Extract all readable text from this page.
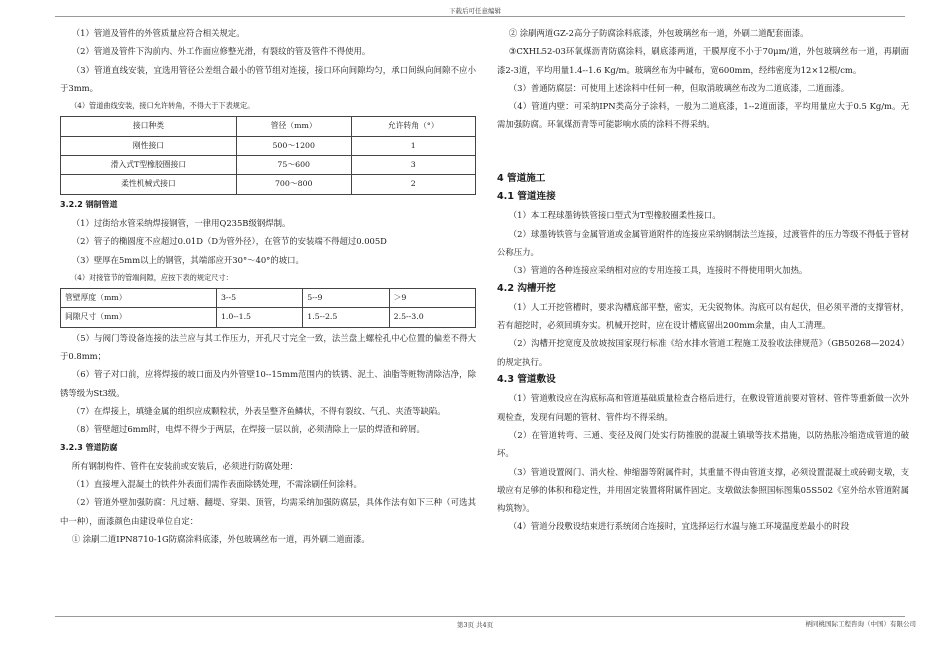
下载后可任意编辑

（1）管道及管件的外管质量应符合相关规定。

（2）管道及管件下沟前内、外工作面应修整光滑，有裂纹的管及管件不得使用。

（3）管道直线安装，宜选用管径公差组合最小的管节组对连接，接口环向间隙均匀，承口间纵向间隙不应小于3mm。

（4）管道曲线安装，接口允许转角，不得大于下表规定。

接口种类	管径（mm）	允许转角（°）
刚性接口	500～1200	1
滑入式T型橡胶圈接口	75～600	3
柔性机械式接口	700～800	2

3.2.2 钢制管道

（1）过街给水管采纳焊接钢管，一律用Q235B级钢焊制。

（2）管子的椭圆度不应超过0.01D（D为管外径），在管节的安装端不得超过0.005D

（3）壁厚在5mm以上的钢管，其端部应开30°～40°的坡口。

（4）对接管节的管端间隙，应按下表的规定尺寸：

管壁厚度（mm）	3--5	5--9	＞9
间隙尺寸（mm）	1.0--1.5	1.5--2.5	2.5--3.0

（5）与阀门等设备连接的法兰应与其工作压力，开孔尺寸完全一致，法兰盘上螺栓孔中心位置的偏差不得大于0.8mm；

（6）管子对口前，应将焊接的坡口面及内外管壁10--15mm范围内的铁锈、泥土、油脂等赃物清除洁净，除锈等级为St3级。

（7）在焊接上，填缝金属的组织应成颗粒状，外表呈整齐鱼鳞状，不得有裂纹、气孔、夹渣等缺陷。

（8）管壁超过6mm时，电焊不得少于两层，在焊接一层以前，必须清除上一层的焊渣和碎屑。

3.2.3 管道防腐

所有钢制构件、管件在安装前或安装后，必须进行防腐处理：

（1）直接埋入混凝土的铁件外表面们需作表面除锈处理，不需涂刷任何涂料。

（2）管道外壁加强防腐：凡过塘、翻堤、穿渠、顶管，均需采纳加强防腐层，具体作法有如下三种（可选其中一种），面漆颜色由建设单位自定：

① 涂刷二道IPN8710-1G防腐涂料底漆，外包玻璃丝布一道，再外刷二道面漆。

② 涂刷两道GZ-2高分子防腐涂料底漆，外包玻璃丝布一道，外刷二道配套面漆。

③CXHL52-03环氧煤沥青防腐涂料，刷底漆两道，干膜厚度不小于70μm/道，外包玻璃丝布一道，再刷面漆2-3道，平均用量1.4--1.6 Kg/m。玻璃丝布为中碱布，宽600mm，经纬密度为12×12根/cm。

（3）普通防腐层：可使用上述涂料中任何一种，但取消玻璃丝布改为二道底漆，二道面漆。

（4）管道内壁：可采纳IPN类高分子涂料，一般为二道底漆，1--2道面漆，平均用量应大于0.5 Kg/m。无需加强防腐。环氧煤沥青等可能影响水质的涂料不得采纳。

4 管道施工

4.1 管道连接

（1）本工程球墨铸铁管接口型式为T型橡胶圈柔性接口。

（2）球墨铸铁管与金属管道或金属管道附件的连接应采纳钢制法兰连接，过渡管件的压力等级不得低于管材公称压力。

（3）管道的各种连接应采纳相对应的专用连接工具，连接时不得使用明火加热。

4.2 沟槽开挖

（1）人工开挖管槽时，要求沟槽底部平整，密实，无尖锐物体。沟底可以有起伏，但必须平滑的支撑管材，若有超挖时，必须回填夯实。机械开挖时，应在设计槽底留出200mm余量，由人工清理。

（2）沟槽开挖宽度及放坡按国家现行标准《给水排水管道工程施工及验收法律规范》（GB50268—2024）的规定执行。

4.3 管道敷设

（1）管道敷设应在沟底标高和管道基础质量检查合格后进行，在敷设管道前要对管材、管件等重新做一次外观检查，发现有问题的管材、管件均不得采纳。

（2）在管道转弯、三通、变径及阀门处实行防推脱的混凝土镇墩等技术措施，以防热胀冷缩造成管道的破坏。

（3）管道设置阀门、消火栓、伸缩器等附属件时，其重量不得由管道支撑，必须设置混凝土或砖砌支墩，支墩应有足够的体积和稳定性，并用固定装置将附属件固定。支墩做法参照国标图集05S502《室外给水管道附属构筑物》。

（4）管道分段敷设结束进行系统闭合连接时，宜选择运行水温与施工环境温度差最小的时段

第3页 共4页	柄同桃国际工程咨询（中国）有限公司
